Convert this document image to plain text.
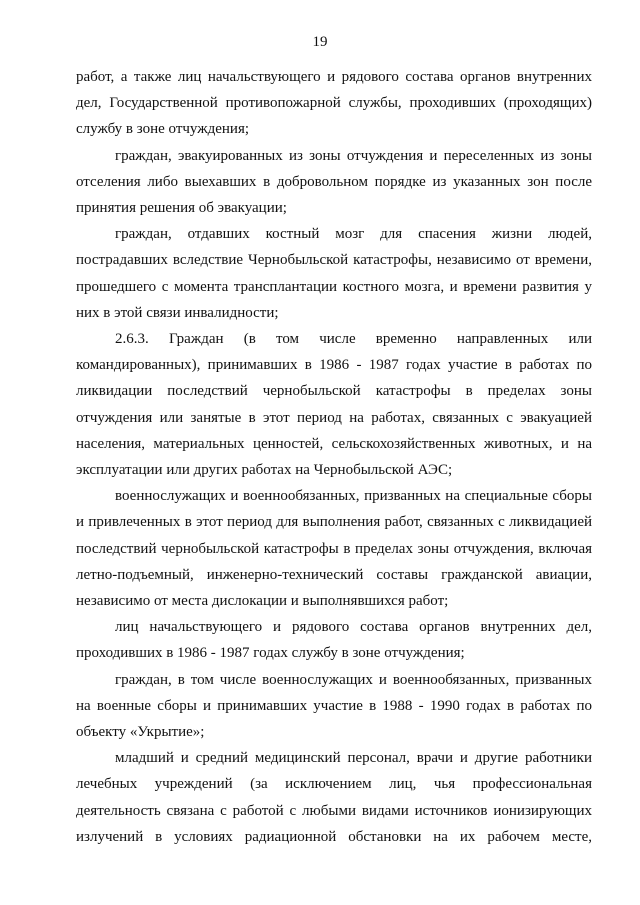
19

работ, а также лиц начальствующего и рядового состава органов внутренних дел, Государственной противопожарной службы, проходивших (проходящих) службу в зоне отчуждения;

граждан, эвакуированных из зоны отчуждения и переселенных из зоны отселения либо выехавших в добровольном порядке из указанных зон после принятия решения об эвакуации;

граждан, отдавших костный мозг для спасения жизни людей, пострадавших вследствие Чернобыльской катастрофы, независимо от времени, прошедшего с момента трансплантации костного мозга, и времени развития у них в этой связи инвалидности;

2.6.3. Граждан (в том числе временно направленных или командированных), принимавших в 1986 - 1987 годах участие в работах по ликвидации последствий чернобыльской катастрофы в пределах зоны отчуждения или занятые в этот период на работах, связанных с эвакуацией населения, материальных ценностей, сельскохозяйственных животных, и на эксплуатации или других работах на Чернобыльской АЭС;

военнослужащих и военнообязанных, призванных на специальные сборы и привлеченных в этот период для выполнения работ, связанных с ликвидацией последствий чернобыльской катастрофы в пределах зоны отчуждения, включая летно-подъемный, инженерно-технический составы гражданской авиации, независимо от места дислокации и выполнявшихся работ;

лиц начальствующего и рядового состава органов внутренних дел, проходивших в 1986 - 1987 годах службу в зоне отчуждения;

граждан, в том числе военнослужащих и военнообязанных, призванных на военные сборы и принимавших участие в 1988 - 1990 годах в работах по объекту «Укрытие»;

младший и средний медицинский персонал, врачи и другие работники лечебных учреждений (за исключением лиц, чья профессиональная деятельность связана с работой с любыми видами источников ионизирующих излучений в условиях радиационной обстановки на их рабочем месте,
